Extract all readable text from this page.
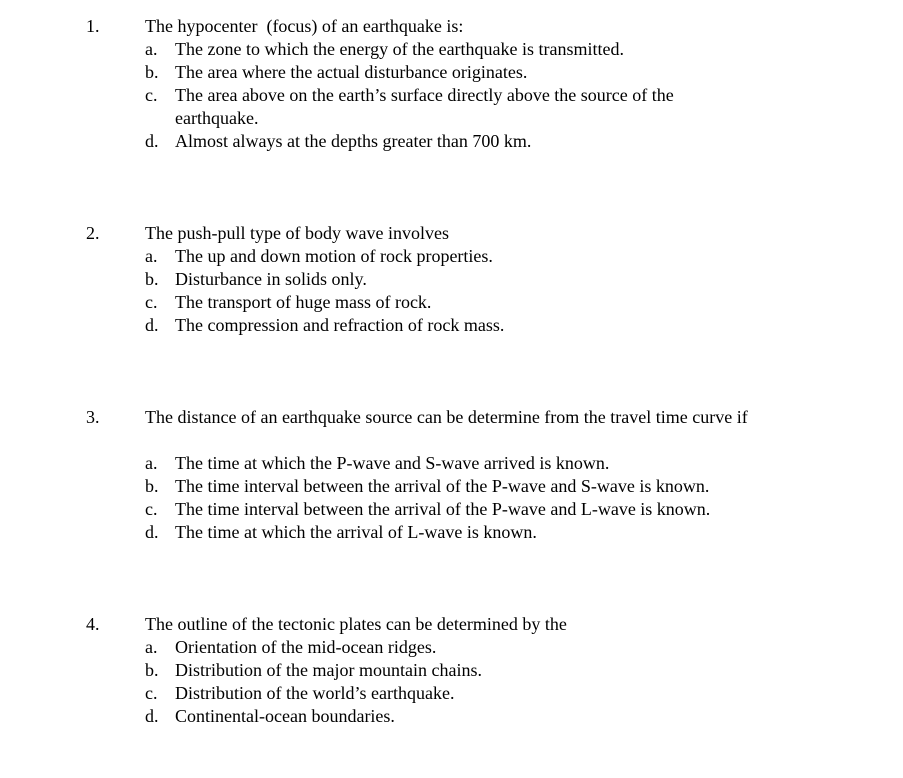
1.	The hypocenter  (focus) of an earthquake is:

a. The zone to which the energy of the earthquake is transmitted.
b. The area where the actual disturbance originates.
c. The area above on the earth’s surface directly above the source of the earthquake.
d. Almost always at the depths greater than 700 km.
2.	The push-pull type of body wave involves

a. The up and down motion of rock properties.
b. Disturbance in solids only.
c. The transport of huge mass of rock.
d. The compression and refraction of rock mass.
3.	The distance of an earthquake source can be determine from the travel time curve if

a. The time at which the P-wave and S-wave arrived is known.
b. The time interval between the arrival of the P-wave and S-wave is known.
c. The time interval between the arrival of the P-wave and L-wave is known.
d. The time at which the arrival of L-wave is known.
4.	The outline of the tectonic plates can be determined by the

a. Orientation of the mid-ocean ridges.
b. Distribution of the major mountain chains.
c. Distribution of the world’s earthquake.
d. Continental-ocean boundaries.
